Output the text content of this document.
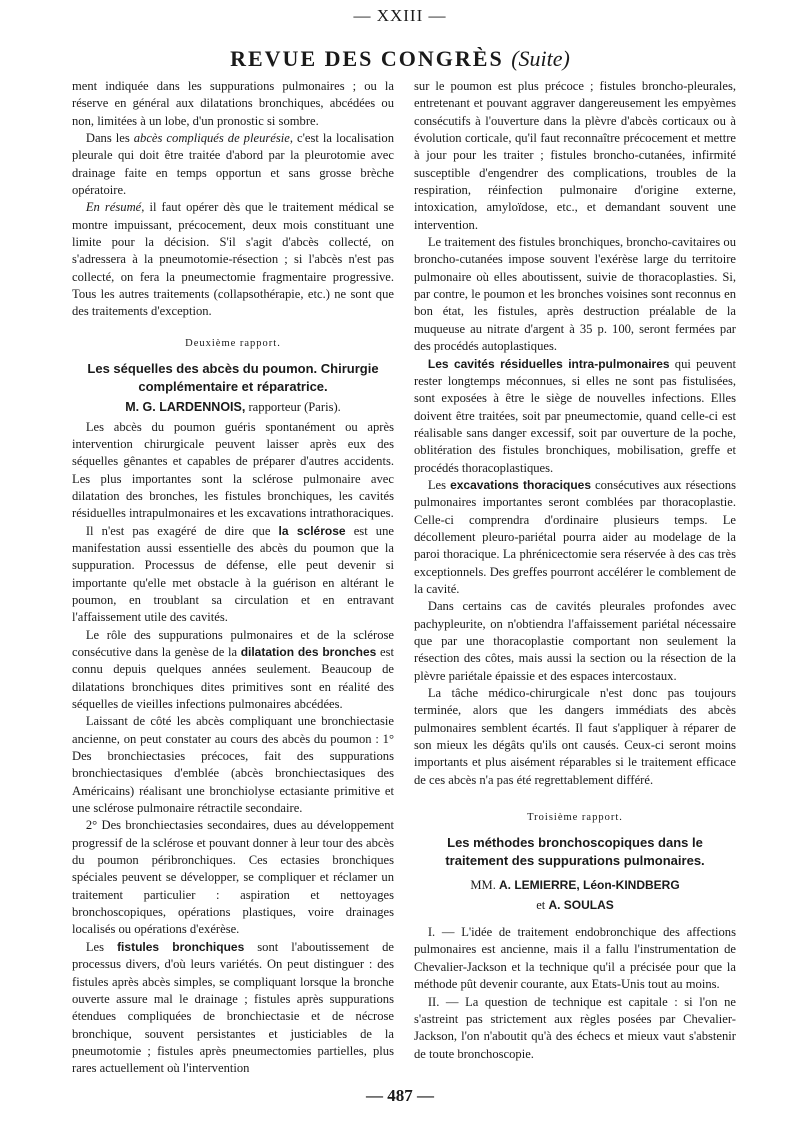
— XXIII —
REVUE DES CONGRÈS (Suite)

ment indiquée dans les suppurations pulmonaires ; ou la réserve en général aux dilatations bronchiques, abcédées ou non, limitées à un lobe, d'un pronostic si sombre.

Dans les abcès compliqués de pleurésie, c'est la localisation pleurale qui doit être traitée d'abord par la pleurotomie avec drainage faite en temps opportun et sans grosse brèche opératoire.

En résumé, il faut opérer dès que le traitement médical se montre impuissant, précocement, deux mois constituant une limite pour la décision. S'il s'agit d'abcès collecté, on s'adressera à la pneumotomie-résection ; si l'abcès n'est pas collecté, on fera la pneumectomie fragmentaire progressive. Tous les autres traitements (collapsothérapie, etc.) ne sont que des traitements d'exception.

Deuxième rapport.

Les séquelles des abcès du poumon. Chirurgie complémentaire et réparatrice.

M. G. LARDENNOIS, rapporteur (Paris).

Les abcès du poumon guéris spontanément ou après intervention chirurgicale peuvent laisser après eux des séquelles gênantes et capables de préparer d'autres accidents. Les plus importantes sont la sclérose pulmonaire avec dilatation des bronches, les fistules bronchiques, les cavités résiduelles intrapulmonaires et les excavations intrathoraciques.

Il n'est pas exagéré de dire que la sclérose est une manifestation aussi essentielle des abcès du poumon que la suppuration. Processus de défense, elle peut devenir si importante qu'elle met obstacle à la guérison en altérant le poumon, en troublant sa circulation et en entravant l'affaissement utile des cavités.

Le rôle des suppurations pulmonaires et de la sclérose consécutive dans la genèse de la dilatation des bronches est connu depuis quelques années seulement. Beaucoup de dilatations bronchiques dites primitives sont en réalité des séquelles de vieilles infections pulmonaires abcédées.

Laissant de côté les abcès compliquant une bronchiectasie ancienne, on peut constater au cours des abcès du poumon : 1° Des bronchiectasies précoces, fait des suppurations bronchiectasiques d'emblée (abcès bronchiectasiques des Américains) réalisant une bronchiolyse ectasiante primitive et une sclérose pulmonaire rétractile secondaire.

2° Des bronchiectasies secondaires, dues au développement progressif de la sclérose et pouvant donner à leur tour des abcès du poumon péribronchiques. Ces ectasies bronchiques spéciales peuvent se développer, se compliquer et réclamer un traitement particulier : aspiration et nettoyages bronchoscopiques, opérations plastiques, voire drainages localisés ou opérations d'exérèse.

Les fistules bronchiques sont l'aboutissement de processus divers, d'où leurs variétés. On peut distinguer : des fistules après abcès simples, se compliquant lorsque la bronche ouverte assure mal le drainage ; fistules après suppurations étendues compliquées de bronchiectasie et de nécrose bronchique, souvent persistantes et justiciables de la pneumotomie ; fistules après pneumectomies partielles, plus rares actuellement où l'intervention

sur le poumon est plus précoce ; fistules broncho-pleurales, entretenant et pouvant aggraver dangereusement les empyèmes consécutifs à l'ouverture dans la plèvre d'abcès corticaux ou à évolution corticale, qu'il faut reconnaître précocement et mettre à jour pour les traiter ; fistules broncho-cutanées, infirmité susceptible d'engendrer des complications, troubles de la respiration, réinfection pulmonaire d'origine externe, intoxication, amyloïdose, etc., et demandant souvent une intervention.

Le traitement des fistules bronchiques, broncho-cavitaires ou broncho-cutanées impose souvent l'exérèse large du territoire pulmonaire où elles aboutissent, suivie de thoracoplasties. Si, par contre, le poumon et les bronches voisines sont reconnus en bon état, les fistules, après destruction préalable de la muqueuse au nitrate d'argent à 35 p. 100, seront fermées par des procédés autoplastiques.

Les cavités résiduelles intra-pulmonaires qui peuvent rester longtemps méconnues, si elles ne sont pas fistulisées, sont exposées à être le siège de nouvelles infections. Elles doivent être traitées, soit par pneumectomie, quand celle-ci est réalisable sans danger excessif, soit par ouverture de la poche, oblitération des fistules bronchiques, mobilisation, greffe et procédés thoracoplastiques.

Les excavations thoraciques consécutives aux résections pulmonaires importantes seront comblées par thoracoplastie. Celle-ci comprendra d'ordinaire plusieurs temps. Le décollement pleuro-pariétal pourra aider au modelage de la paroi thoracique. La phrénicectomie sera réservée à des cas très exceptionnels. Des greffes pourront accélérer le comblement de la cavité.

Dans certains cas de cavités pleurales profondes avec pachypleurite, on n'obtiendra l'affaissement pariétal nécessaire que par une thoracoplastie comportant non seulement la résection des côtes, mais aussi la section ou la résection de la plèvre pariétale épaissie et des espaces intercostaux.

La tâche médico-chirurgicale n'est donc pas toujours terminée, alors que les dangers immédiats des abcès pulmonaires semblent écartés. Il faut s'appliquer à réparer de son mieux les dégâts qu'ils ont causés. Ceux-ci seront moins importants et plus aisément réparables si le traitement efficace de ces abcès n'a pas été regrettablement différé.

Troisième rapport.

Les méthodes bronchoscopiques dans le traitement des suppurations pulmonaires.

MM. A. LEMIERRE, Léon-KINDBERG

et A. SOULAS

I. — L'idée de traitement endobronchique des affections pulmonaires est ancienne, mais il a fallu l'instrumentation de Chevalier-Jackson et la technique qu'il a précisée pour que la méthode pût devenir courante, aux Etats-Unis tout au moins.

II. — La question de technique est capitale : si l'on ne s'astreint pas strictement aux règles posées par Chevalier-Jackson, l'on n'aboutit qu'à des échecs et mieux vaut s'abstenir de toute bronchoscopie.

— 487 —
